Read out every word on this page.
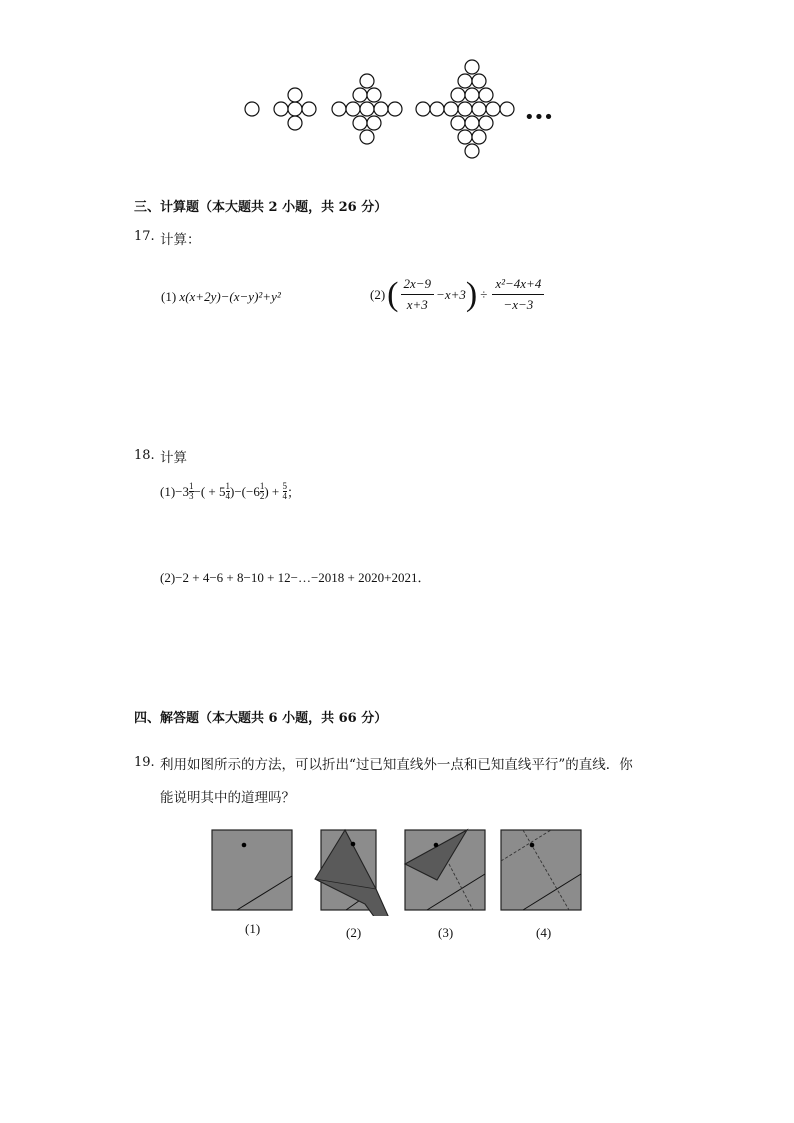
•••
三、计算题（本大题共 2 小题，共 26 分）
17. 计算：
(1) x(x+2y)−(x−y)²+y²	(2) ( $\frac{2x-9}{x+3} -x+3$ ) ÷ $\frac{\text{x²−4x+4}}{-x-3}$
18. 计算
$(1) -3 \frac{1}{3}$ −( + $5 \frac{1}{4} )-(-6 \frac{1}{2}$ ) + $\frac{5}{4}$ ；
(2)−2 + 4−6 + 8−10 + 12−…−2018 + 2020+2021．
四、解答题（本大题共 6 小题，共 66 分）
19. 利用如图所示的方法，可以折出“过已知直线外一点和已知直线平行”的直线．你
能说明其中的道理吗？
(1)	(2)	(3)	(4)
